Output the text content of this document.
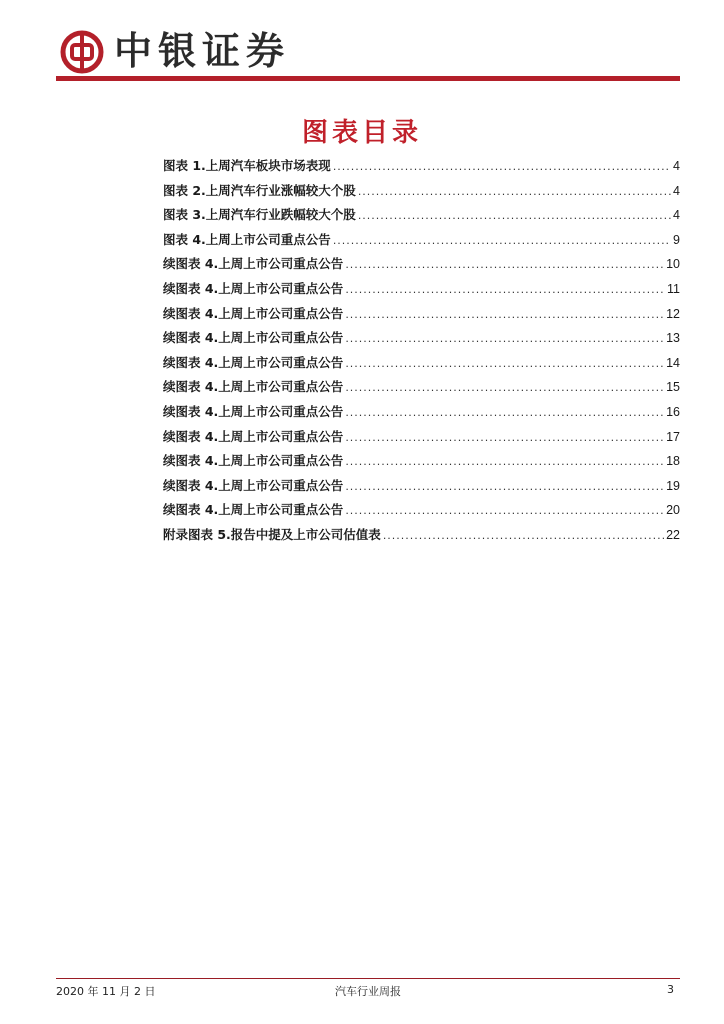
中银证券
图表目录
图表 1.上周汽车板块市场表现 .....	4
图表 2.上周汽车行业涨幅较大个股 .....	4
图表 3.上周汽车行业跌幅较大个股 .....	4
图表 4.上周上市公司重点公告 .....	9
续图表 4.上周上市公司重点公告 .....	10
续图表 4.上周上市公司重点公告 .....	11
续图表 4.上周上市公司重点公告 .....	12
续图表 4.上周上市公司重点公告 .....	13
续图表 4.上周上市公司重点公告 .....	14
续图表 4.上周上市公司重点公告 .....	15
续图表 4.上周上市公司重点公告 .....	16
续图表 4.上周上市公司重点公告 .....	17
续图表 4.上周上市公司重点公告 .....	18
续图表 4.上周上市公司重点公告 .....	19
续图表 4.上周上市公司重点公告 .....	20
附录图表 5.报告中提及上市公司估值表 .....	22
2020 年 11 月 2 日	汽车行业周报	3
